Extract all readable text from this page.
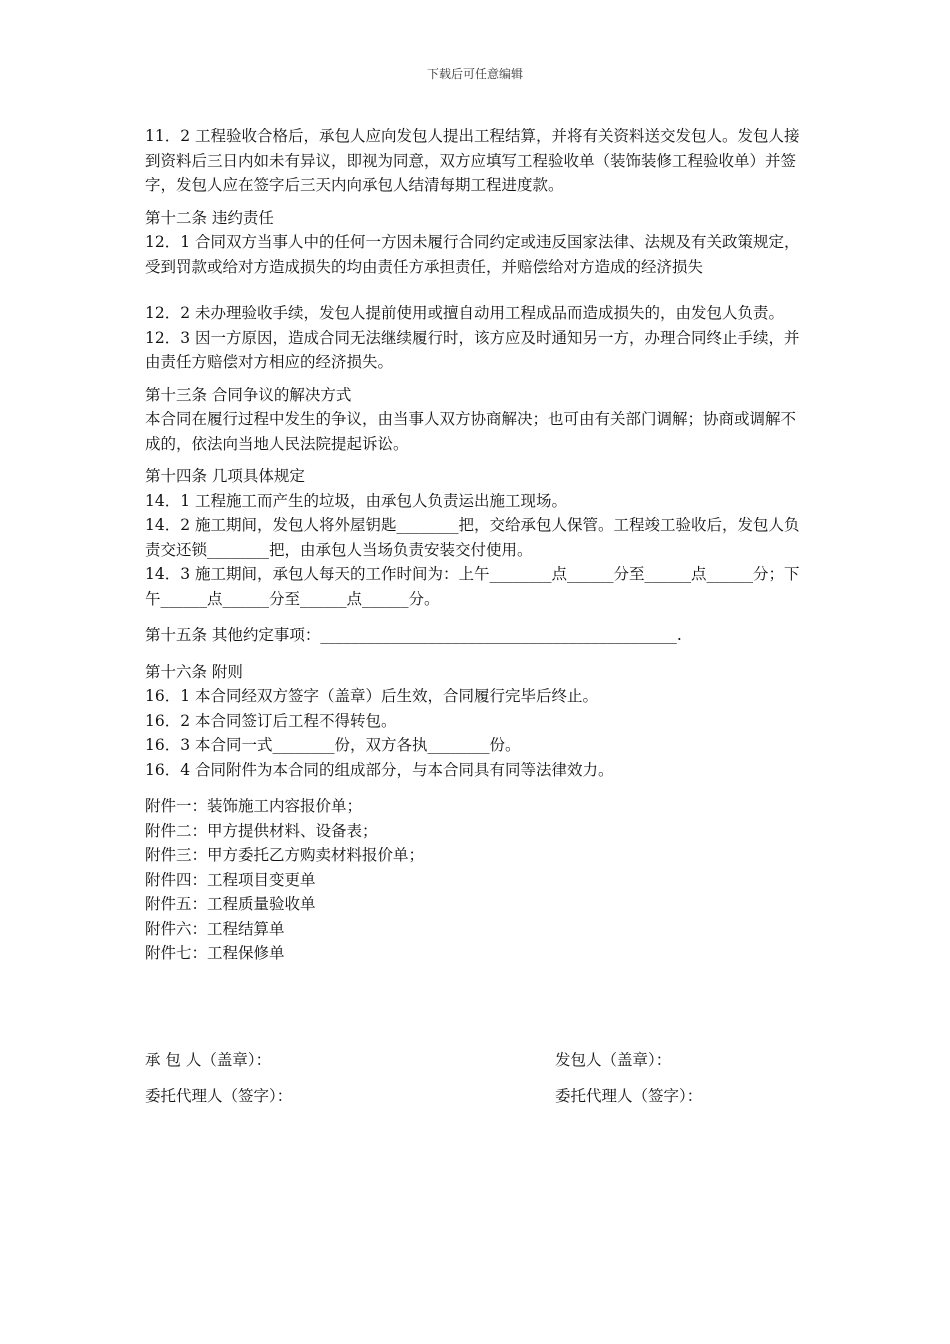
下载后可任意编辑

11．2 工程验收合格后，承包人应向发包人提出工程结算，并将有关资料送交发包人。发包人接到资料后三日内如未有异议，即视为同意，双方应填写工程验收单（装饰装修工程验收单）并签字，发包人应在签字后三天内向承包人结清每期工程进度款。

第十二条 违约责任

12．1 合同双方当事人中的任何一方因未履行合同约定或违反国家法律、法规及有关政策规定，受到罚款或给对方造成损失的均由责任方承担责任，并赔偿给对方造成的经济损失

12．2 未办理验收手续，发包人提前使用或擅自动用工程成品而造成损失的，由发包人负责。

12．3 因一方原因，造成合同无法继续履行时，该方应及时通知另一方，办理合同终止手续，并由责任方赔偿对方相应的经济损失。

第十三条 合同争议的解决方式

本合同在履行过程中发生的争议，由当事人双方协商解决；也可由有关部门调解；协商或调解不成的，依法向当地人民法院提起诉讼。

第十四条 几项具体规定

14．1 工程施工而产生的垃圾，由承包人负责运出施工现场。

14．2 施工期间，发包人将外屋钥匙________把，交给承包人保管。工程竣工验收后，发包人负责交还锁________把，由承包人当场负责安装交付使用。

14．3 施工期间，承包人每天的工作时间为：上午________点______分至______点______分；下午______点______分至______点______分。

第十五条 其他约定事项：______________________________________________.

第十六条 附则

16．1 本合同经双方签字（盖章）后生效，合同履行完毕后终止。

16．2 本合同签订后工程不得转包。

16．3 本合同一式________份，双方各执________份。

16．4 合同附件为本合同的组成部分，与本合同具有同等法律效力。

附件一：装饰施工内容报价单；

附件二：甲方提供材料、设备表；

附件三：甲方委托乙方购卖材料报价单；

附件四：工程项目变更单

附件五：工程质量验收单

附件六：工程结算单

附件七：工程保修单

承 包 人（盖章）：	发包人（盖章）：
委托代理人（签字）：	委托代理人（签字）：
